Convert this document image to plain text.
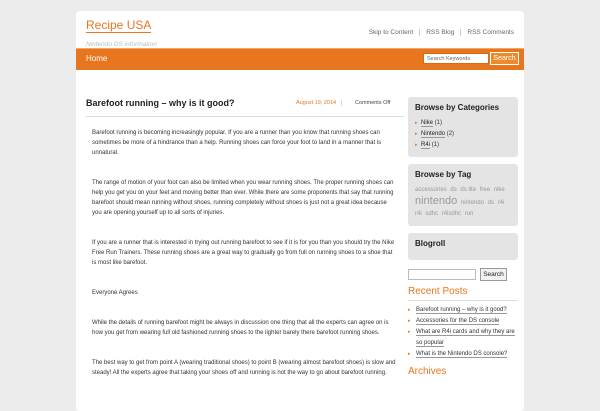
Recipe USA
Nintendo DS information
Skip to Content	RSS Blog	RSS Comments
Home	Search Keywords	Search
Barefoot running – why is it good?	August 19, 2014	Comments Off

Barefoot running is becoming increasingly popular. If you are a runner than you know that running shoes can sometimes be more of a hindrance than a help. Running shoes can force your foot to land in a manner that is unnatural.

The range of motion of your foot can also be limited when you wear running shoes. The proper running shoes can help you get you on your feet and moving better than ever. While there are some proponents that say that running barefoot should mean running without shoes, running completely without shoes is just not a great idea because you are opening yourself up to all sorts of injuries.

If you are a runner that is interested in trying out running barefoot to see if it is for you than you should try the Nike Free Run Trainers. These running shoes are a great way to gradually go from full on running shoes to a shoe that is most like barefoot.

Everyone Agrees

While the details of running barefoot might be always in discussion one thing that all the experts can agree on is how you get from wearing full old fashioned running shoes to the lighter barely there barefoot running shoes.

The best way to get from point A (wearing traditional shoes) to point B (wearing almost barefoot shoes) is slow and steady! All the experts agree that taking your shoes off and running is not the way to go about barefoot running.

Browse by Categories
▸ Nike (1)
▸ Nintendo (2)
▸ R4i (1)
Browse by Tag
accessories ds ds lite free nike nintendo nintendo ds r4i r4i sdhc r4isdhc run
Blogroll
Search
Recent Posts
▸ Barefoot running – why is it good?
▸ Accessories for the DS console
▸ What are R4i cards and why they are so popular
▸ What is the Nintendo DS console?
Archives
